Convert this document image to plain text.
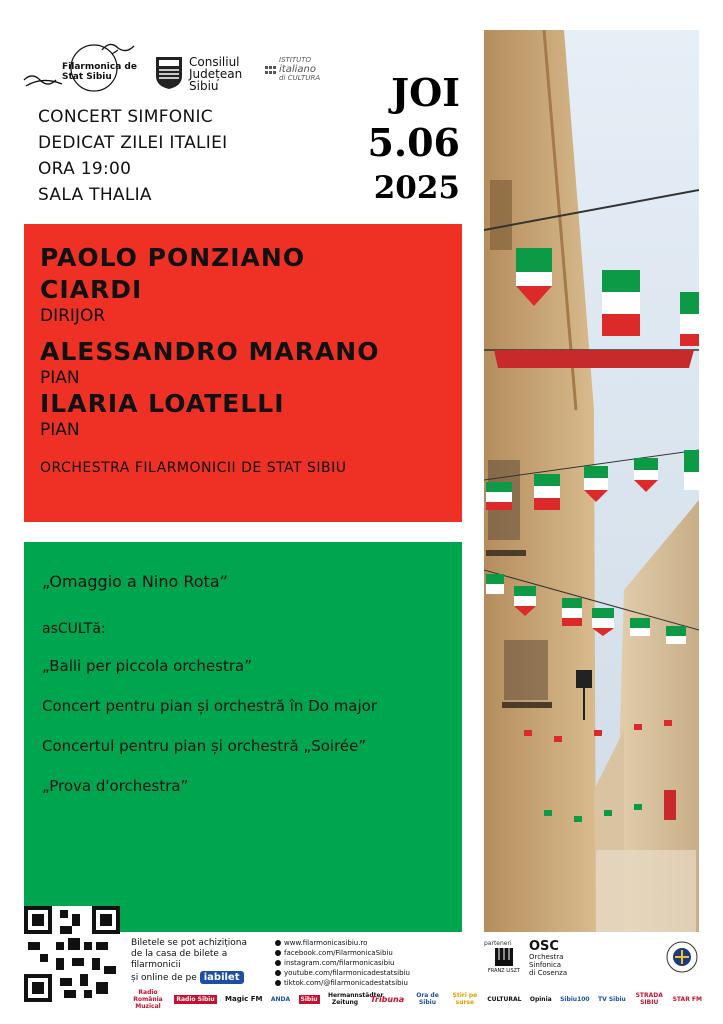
Filarmonica de Stat Sibiu
Consiliul
Județean
Sibiu
ISTITUTO
italiano
di CULTURA
CONCERT SIMFONIC
DEDICAT ZILEI ITALIEI
ORA 19:00
SALA THALIA
JOI
5.06
2025
PAOLO PONZIANO
CIARDI
DIRIJOR
ALESSANDRO MARANO
PIAN
ILARIA LOATELLI
PIAN
ORCHESTRA FILARMONICII DE STAT SIBIU
„Omaggio a Nino Rota”
asCULTă:
„Balli per piccola orchestra”
Concert pentru pian și orchestră în Do major
Concertul pentru pian și orchestră „Soirée”
„Prova d'orchestra”
Biletele se pot achiziționa
de la casa de bilete a filarmonicii
și online de pe iabilet
www.filarmonicasibiu.ro
facebook.com/FilarmonicaSibiu
instagram.com/filarmonicasibiu
youtube.com/filarmonicadestatsibiu
tiktok.com/@filarmonicadestatsibiu
parteneri
FRANZ LISZT
OSC
Orchestra
Sinfonica
di Cosenza
Radio România Muzical
Radio Sibiu Magic FM ANDA	Sibiu	Hermannstädter Zeitung	Tribuna	Ora de Sibiu
Știri pe surse	CULTURAL Opinia Sibiu100 TV Sibiu STRADA SIBIU	STAR FM
